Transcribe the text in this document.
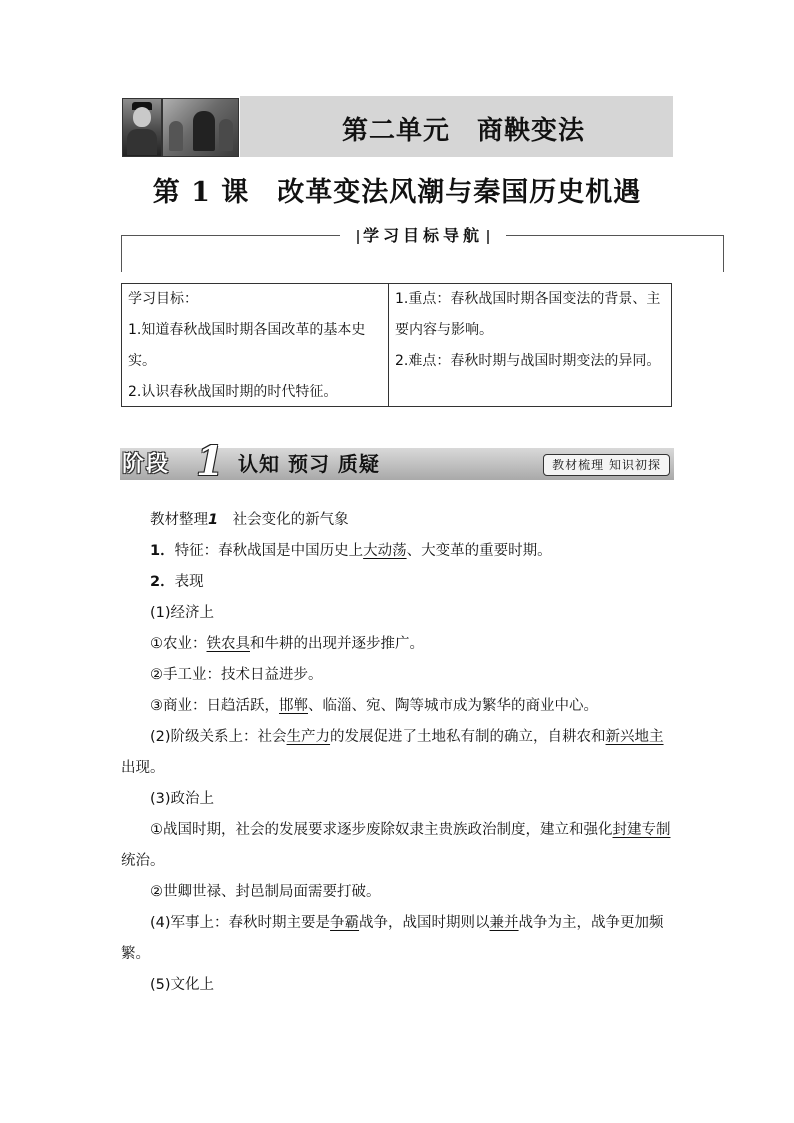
第二单元　商鞅变法
第 1 课　改革变法风潮与秦国历史机遇
学习目标导航

学习目标：

1.知道春秋战国时期各国改革的基本史实。

2.认识春秋战国时期的时代特征。

1.重点：春秋战国时期各国变法的背景、主要内容与影响。

2.难点：春秋时期与战国时期变法的异同。

阶段 1 认知 预习 质疑	教材梳理 知识初探

教材整理1　 社会变化的新气象

1．特征：春秋战国是中国历史上大动荡、大变革的重要时期。

2．表现

(1)经济上

①农业：铁农具和牛耕的出现并逐步推广。

②手工业：技术日益进步。

③商业：日趋活跃，邯郸、临淄、宛、陶等城市成为繁华的商业中心。

(2)阶级关系上：社会生产力的发展促进了土地私有制的确立，自耕农和新兴地主出现。

(3)政治上

①战国时期，社会的发展要求逐步废除奴隶主贵族政治制度，建立和强化封建专制统治。

②世卿世禄、封邑制局面需要打破。

(4)军事上：春秋时期主要是争霸战争，战国时期则以兼并战争为主，战争更加频繁。

(5)文化上
